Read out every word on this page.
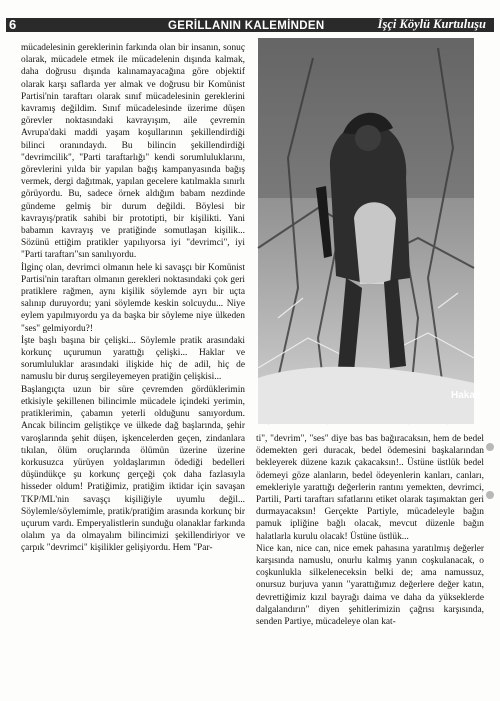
6	GERİLLANIN KALEMİNDEN	İşçi Köylü Kurtuluşu
mücadelesinin gereklerinin farkında olan bir insanın, sonuç olarak, mücadele etmek ile mücadelenin dışında kalmak, daha doğrusu dışında kalınamayacağına göre objektif olarak karşı saflarda yer almak ve doğrusu bir Komünist Partisi'nin taraftarı olarak sınıf mücadelesinin gereklerini kavramış değildim. Sınıf mücadelesinde üzerime düşen görevler noktasındaki kavrayışım, aile çevremin Avrupa'daki maddi yaşam koşullarının şekillendirdiği bilinci oranındaydı. Bu bilincin şekillendirdiği "devrimcilik", "Parti taraftarlığı" kendi sorumluluklarını, görevlerini yılda bir yapılan bağış kampanyasında bağış vermek, dergi dağıtmak, yapılan gecelere katılmakla sınırlı görüyordu. Bu, sadece örnek aldığım babam nezdinde gündeme gelmiş bir durum değildi. Böylesi bir kavrayış/pratik sahibi bir prototipti, bir kişilikti. Yani babamın kavrayış ve pratiğinde somutlaşan kişilik... Sözünü ettiğim pratikler yapılıyorsa iyi "devrimci", iyi "Parti taraftarı"sın sanılıyordu.
İlginç olan, devrimci olmanın hele ki savaşçı bir Komünist Partisi'nin taraftarı olmanın gerekleri noktasındaki çok geri pratiklere rağmen, aynı kişilik söylemde ayrı bir uçta salınıp duruyordu; yani söylemde keskin solcuydu... Niye eylem yapılmıyordu ya da başka bir söyleme niye ülkeden "ses" gelmiyordu?!
İşte başlı başına bir çelişki... Söylemle pratik arasındaki korkunç uçurumun yarattığı çelişki... Haklar ve sorumluluklar arasındaki ilişkide hiç de adil, hiç de namuslu bir duruş sergileyemeyen pratiğin çelişkisi...
Başlangıçta uzun bir süre çevremden gördüklerimin etkisiyle şekillenen bilincimle mücadele içindeki yerimin, pratiklerimin, çabamın yeterli olduğunu sanıyordum. Ancak bilincim geliştikçe ve ülkede dağ başlarında, şehir varoşlarında şehit düşen, işkencelerden geçen, zindanlara tıkılan, ölüm oruçlarında ölümün üzerine üzerine korkusuzca yürüyen yoldaşlarımın ödediği bedelleri düşündükçe şu korkunç gerçeği çok daha fazlasıyla hisseder oldum! Pratiğimiz, pratiğim iktidar için savaşan TKP/ML'nin savaşçı kişiliğiyle uyumlu değil... Söylemle/söylemimle, pratik/pratiğim arasında korkunç bir uçurum vardı. Emperyalistlerin sunduğu olanaklar farkında olalım ya da olmayalım bilincimizi şekillendiriyor ve çarpık "devrimci" kişilikler gelişiyordu. Hem "Par-
Hakan
ti", "devrim", "ses" diye bas bas bağıracaksın, hem de bedel ödemekten geri duracak, bedel ödemesini başkalarından bekleyerek düzene kazık çakacaksın!.. Üstüne üstlük bedel ödemeyi göze alanların, bedel ödeyenlerin kanları, canları, emekleriyle yarattığı değerlerin rantını yemekten, devrimci, Partili, Parti taraftarı sıfatlarını etiket olarak taşımaktan geri durmayacaksın! Gerçekte Partiyle, mücadeleyle bağın pamuk ipliğine bağlı olacak, mevcut düzenle bağın halatlarla kurulu olacak! Üstüne üstlük...
Nice kan, nice can, nice emek pahasına yaratılmış değerler karşısında namuslu, onurlu kalmış yanın coşkulanacak, o coşkunlukla silkeleneceksin belki de; ama namussuz, onursuz burjuva yanın "yarattığımız değerlere değer katın, devrettiğimiz kızıl bayrağı daima ve daha da yükseklerde dalgalandırın" diyen şehitlerimizin çağrısı karşısında, senden Partiye, mücadeleye olan kat-
